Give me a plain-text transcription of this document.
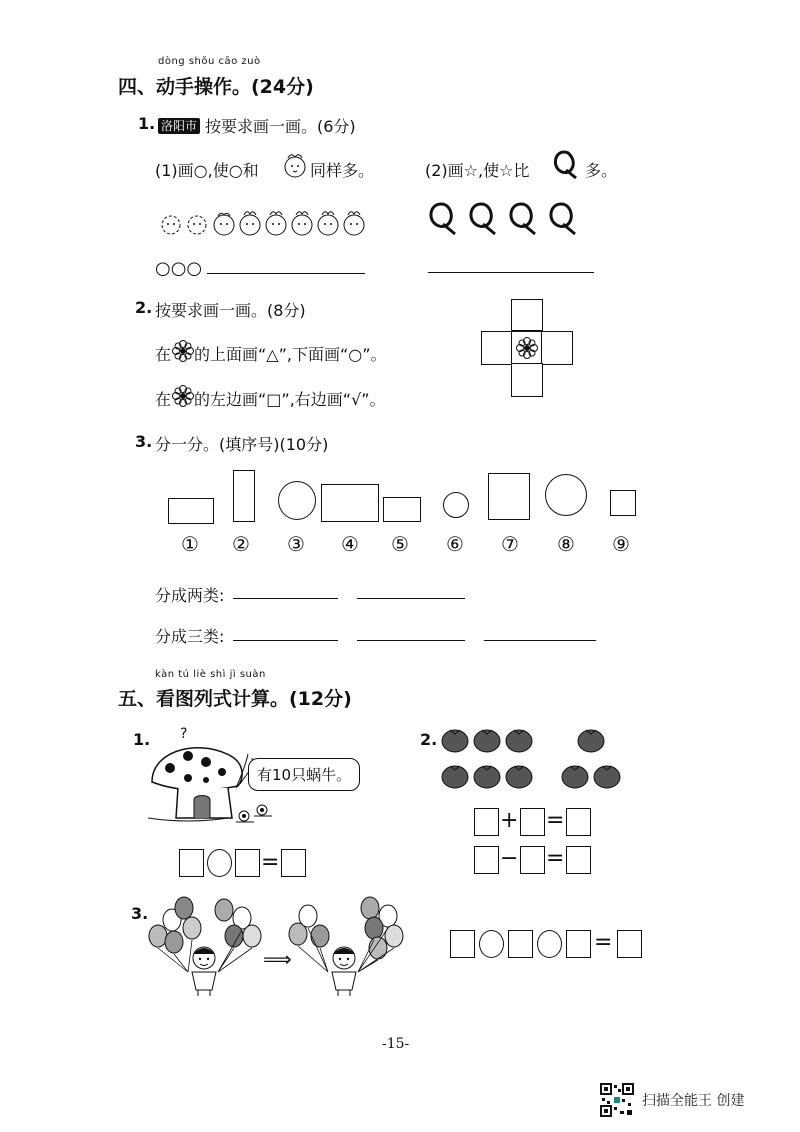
dòng shǒu cāo zuò
四、动手操作。(24分)
1. 洛阳市 按要求画一画。(6分)
(1)画○,使○和	同样多。
○○○
(2)画☆,使☆比	多。
2. 按要求画一画。(8分)
在 的上面画“△”,下面画“○”。
在 的左边画“□”,右边画“√”。
3. 分一分。(填序号)(10分)
① ② ③ ④ ⑤ ⑥ ⑦ ⑧ ⑨
分成两类:
分成三类:
kàn tú liè shì jì suàn
五、看图列式计算。(12分)
1. ?
有10只蜗牛。
=
2.
+ =
− =
3.
⟹
=
-15-
扫描全能王 创建
